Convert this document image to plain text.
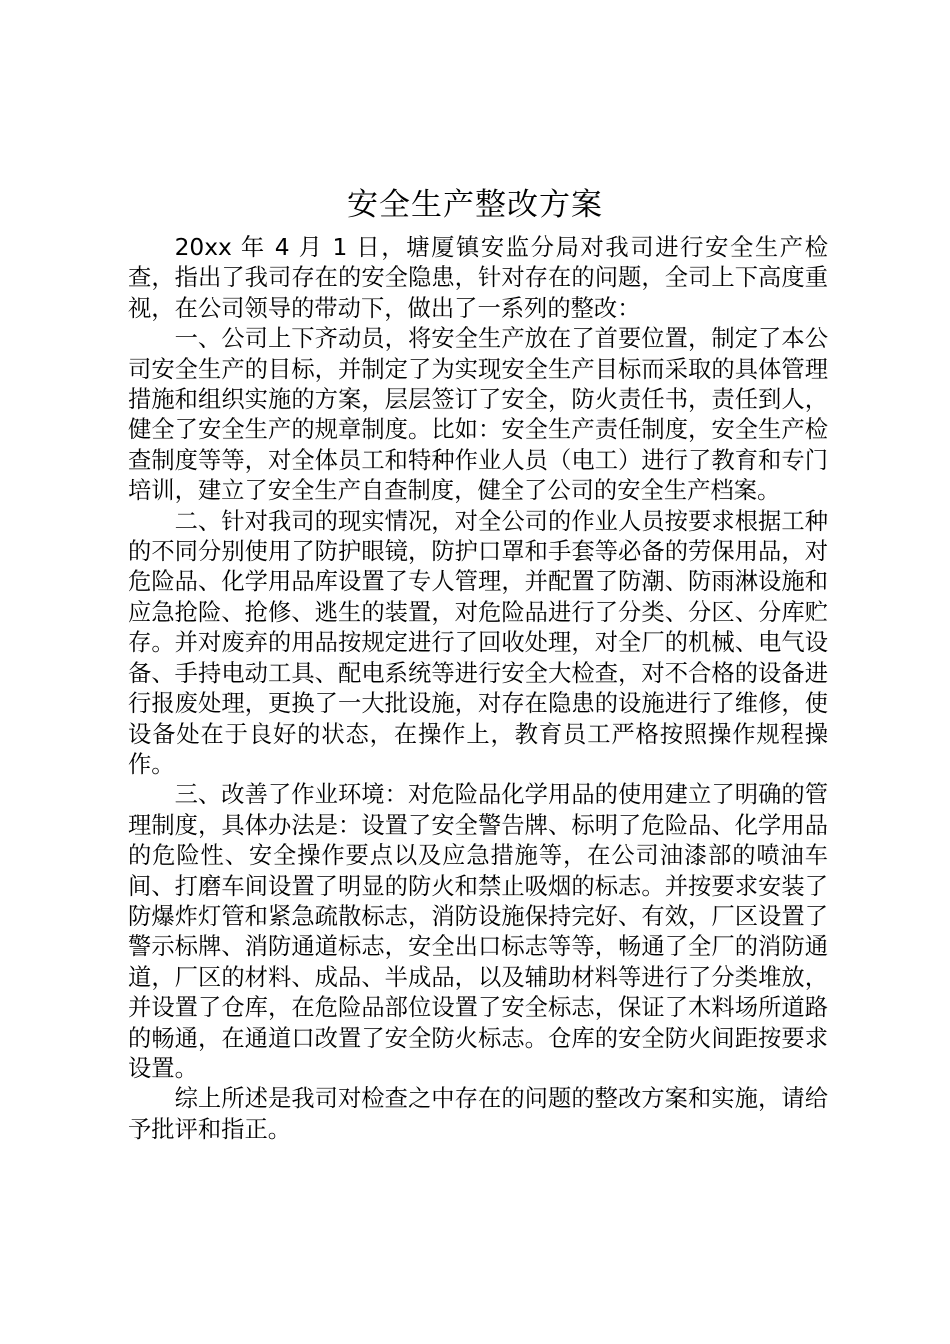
安全生产整改方案

20xx 年 4 月 1 日，塘厦镇安监分局对我司进行安全生产检查，指出了我司存在的安全隐患，针对存在的问题，全司上下高度重视，在公司领导的带动下，做出了一系列的整改：

一、公司上下齐动员，将安全生产放在了首要位置，制定了本公司安全生产的目标，并制定了为实现安全生产目标而采取的具体管理措施和组织实施的方案，层层签订了安全，防火责任书，责任到人，健全了安全生产的规章制度。比如：安全生产责任制度，安全生产检查制度等等，对全体员工和特种作业人员（电工）进行了教育和专门培训，建立了安全生产自查制度，健全了公司的安全生产档案。

二、针对我司的现实情况，对全公司的作业人员按要求根据工种的不同分别使用了防护眼镜，防护口罩和手套等必备的劳保用品，对危险品、化学用品库设置了专人管理，并配置了防潮、防雨淋设施和应急抢险、抢修、逃生的装置，对危险品进行了分类、分区、分库贮存。并对废弃的用品按规定进行了回收处理，对全厂的机械、电气设备、手持电动工具、配电系统等进行安全大检查，对不合格的设备进行报废处理，更换了一大批设施，对存在隐患的设施进行了维修，使设备处在于良好的状态，在操作上，教育员工严格按照操作规程操作。

三、改善了作业环境：对危险品化学用品的使用建立了明确的管理制度，具体办法是：设置了安全警告牌、标明了危险品、化学用品的危险性、安全操作要点以及应急措施等，在公司油漆部的喷油车间、打磨车间设置了明显的防火和禁止吸烟的标志。并按要求安装了防爆炸灯管和紧急疏散标志，消防设施保持完好、有效，厂区设置了警示标牌、消防通道标志，安全出口标志等等，畅通了全厂的消防通道，厂区的材料、成品、半成品，以及辅助材料等进行了分类堆放，并设置了仓库，在危险品部位设置了安全标志，保证了木料场所道路的畅通，在通道口改置了安全防火标志。仓库的安全防火间距按要求设置。

综上所述是我司对检查之中存在的问题的整改方案和实施，请给予批评和指正。
